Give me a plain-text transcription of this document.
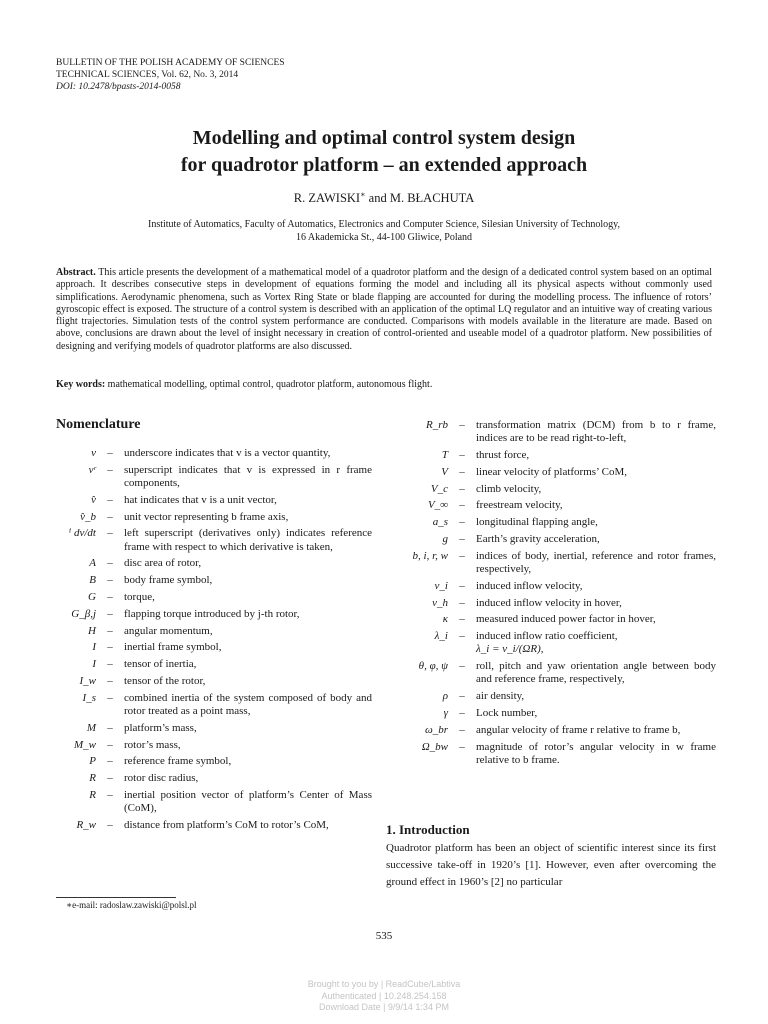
BULLETIN OF THE POLISH ACADEMY OF SCIENCES
TECHNICAL SCIENCES, Vol. 62, No. 3, 2014
DOI: 10.2478/bpasts-2014-0058
Modelling and optimal control system design
for quadrotor platform – an extended approach
R. ZAWISKI∗ and M. BŁACHUTA
Institute of Automatics, Faculty of Automatics, Electronics and Computer Science, Silesian University of Technology,
16 Akademicka St., 44-100 Gliwice, Poland
Abstract. This article presents the development of a mathematical model of a quadrotor platform and the design of a dedicated control system based on an optimal approach. It describes consecutive steps in development of equations forming the model and including all its physical aspects without commonly used simplifications. Aerodynamic phenomena, such as Vortex Ring State or blade flapping are accounted for during the modelling process. The influence of rotors’ gyroscopic effect is exposed. The structure of a control system is described with an application of the optimal LQ regulator and an intuitive way of creating various flight trajectories. Simulation tests of the control system performance are conducted. Comparisons with models available in the literature are made. Based on above, conclusions are drawn about the level of insight necessary in creation of control-oriented and useable model of a quadrotor platform. New possibilities of designing and verifying models of quadrotor platforms are also discussed.
Key words: mathematical modelling, optimal control, quadrotor platform, autonomous flight.
Nomenclature
v	–	underscore indicates that v is a vector quantity,
vʳ	–	superscript indicates that v is expressed in r frame components,
v̂	–	hat indicates that v is a unit vector,
v̂_b	–	unit vector representing b frame axis,
ⁱ dv/dt	–	left superscript (derivatives only) indicates reference frame with respect to which derivative is taken,
A	–	disc area of rotor,
B	–	body frame symbol,
G	–	torque,
G_β,j	–	flapping torque introduced by j-th rotor,
H	–	angular momentum,
I	–	inertial frame symbol,
I	–	tensor of inertia,
I_w	–	tensor of the rotor,
I_s	–	combined inertia of the system composed of body and rotor treated as a point mass,
M	–	platform’s mass,
M_w	–	rotor’s mass,
P	–	reference frame symbol,
R	–	rotor disc radius,
R	–	inertial position vector of platform’s Center of Mass (CoM),
R_w	–	distance from platform’s CoM to rotor’s CoM,
R_rb	–	transformation matrix (DCM) from b to r frame, indices are to be read right-to-left,
T	–	thrust force,
V	–	linear velocity of platforms’ CoM,
V_c	–	climb velocity,
V_∞	–	freestream velocity,
a_s	–	longitudinal flapping angle,
g	–	Earth’s gravity acceleration,
b, i, r, w	–	indices of body, inertial, reference and rotor frames, respectively,
v_i	–	induced inflow velocity,
v_h	–	induced inflow velocity in hover,
κ	–	measured induced power factor in hover,
λ_i	–	induced inflow ratio coefficient,
λ_i = v_i/(ΩR),
θ, φ, ψ	–	roll, pitch and yaw orientation angle between body and reference frame, respectively,
ρ	–	air density,
γ	–	Lock number,
ω_br	–	angular velocity of frame r relative to frame b,
Ω_bw	–	magnitude of rotor’s angular velocity in w frame relative to b frame.
1. Introduction
Quadrotor platform has been an object of scientific interest since its first successive take-off in 1920’s [1]. However, even after overcoming the ground effect in 1960’s [2] no particular
∗e-mail: radoslaw.zawiski@polsl.pl
535
Brought to you by | ReadCube/Labtiva
Authenticated | 10.248.254.158
Download Date | 9/9/14 1:34 PM
